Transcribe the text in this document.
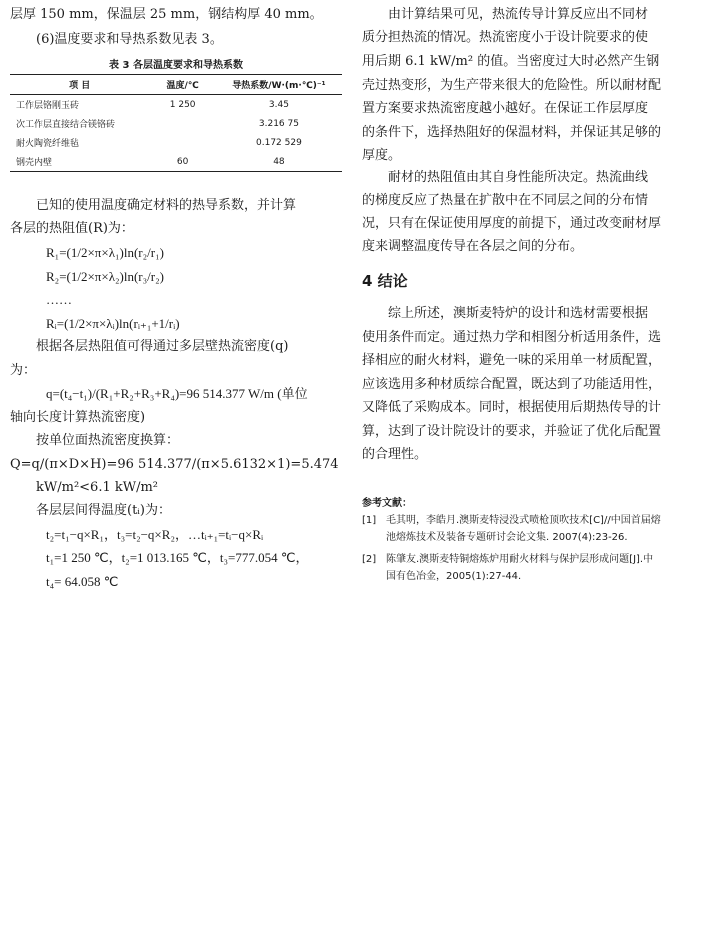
层厚 150 mm，保温层 25 mm，钢结构厚 40 mm。

(6)温度要求和导热系数见表 3。

表 3 各层温度要求和导热系数
项 目	温度/℃	导热系数/W·(m·℃)⁻¹
工作层铬刚玉砖	1 250	3.45
次工作层直接结合镁铬砖		3.216 75
耐火陶瓷纤维毡		0.172 529
钢壳内壁	60	48

已知的使用温度确定材料的热导系数，并计算

各层的热阻值(R)为：

R₁=(1/2×π×λ₁)ln(r₂/r₁)

R₂=(1/2×π×λ₂)ln(r₃/r₂)

……

Rᵢ=(1/2×π×λᵢ)ln(rᵢ₊₁+1/rᵢ)

根据各层热阻值可得通过多层壁热流密度(q)

为：

q=(t₄−t₁)/(R₁+R₂+R₃+R₄)=96 514.377 W/m (单位

轴向长度计算热流密度)

按单位面热流密度换算：

Q=q/(π×D×H)=96 514.377/(π×5.6132×1)=5.474

kW/m²<6.1 kW/m²

各层层间得温度(tᵢ)为：

t₂=t₁−q×R₁，t₃=t₂−q×R₂，…tᵢ₊₁=tᵢ−q×Rᵢ

t₁=1 250 ℃，t₂=1 013.165 ℃，t₃=777.054 ℃，

t₄= 64.058 ℃

由计算结果可见，热流传导计算反应出不同材

质分担热流的情况。热流密度小于设计院要求的使

用后期 6.1 kW/m² 的值。当密度过大时必然产生钢

壳过热变形，为生产带来很大的危险性。所以耐材配

置方案要求热流密度越小越好。在保证工作层厚度

的条件下，选择热阻好的保温材料，并保证其足够的

厚度。

耐材的热阻值由其自身性能所决定。热流曲线

的梯度反应了热量在扩散中在不同层之间的分布情

况，只有在保证使用厚度的前提下，通过改变耐材厚

度来调整温度传导在各层之间的分布。

4 结论

综上所述，澳斯麦特炉的设计和选材需要根据

使用条件而定。通过热力学和相图分析适用条件，选

择相应的耐火材料，避免一味的采用单一材质配置，

应该选用多种材质综合配置，既达到了功能适用性，

又降低了采购成本。同时，根据使用后期热传导的计

算，达到了设计院设计的要求，并验证了优化后配置

的合理性。

参考文献：
[1] 毛其明，李皓月.澳斯麦特浸没式喷枪顶吹技术[C]//中国首届熔
池熔炼技术及装备专题研讨会论文集. 2007(4):23-26.
[2] 陈肇友.澳斯麦特铜熔炼炉用耐火材料与保护层形成问题[J].中
国有色冶金，2005(1):27-44.
